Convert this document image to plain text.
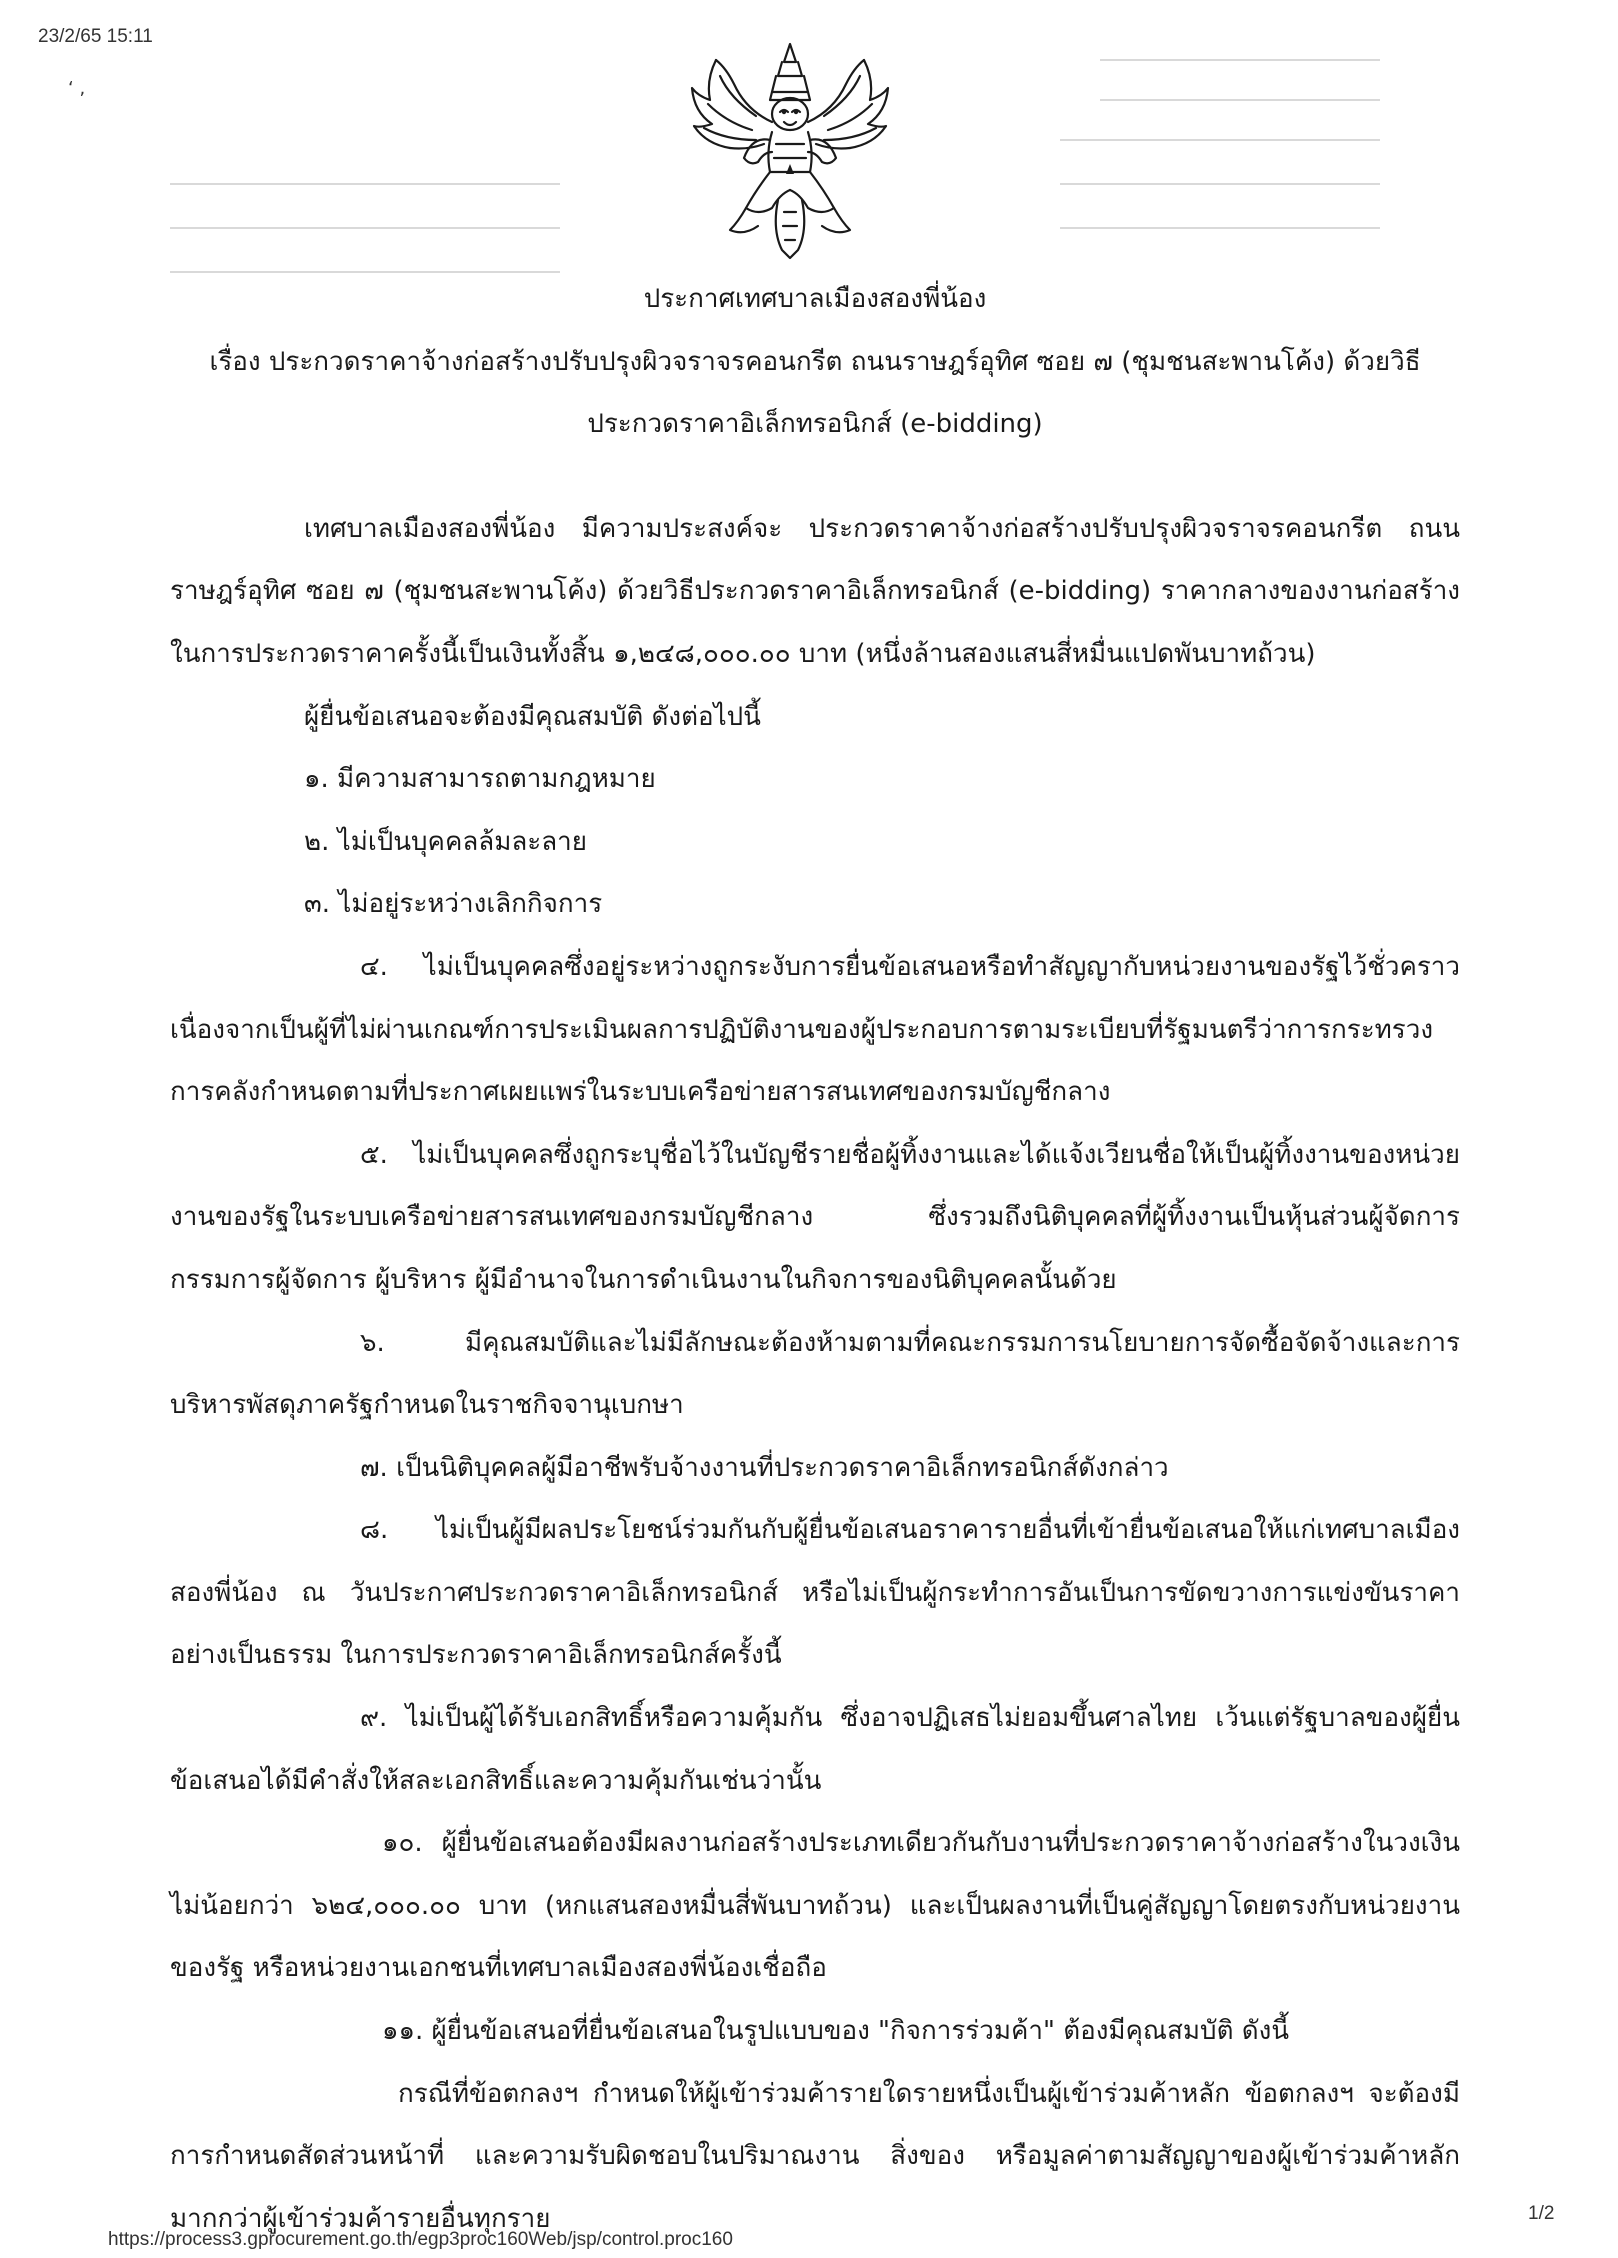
23/2/65 15:11
‘ ,

ประกาศเทศบาลเมืองสองพี่น้อง

เรื่อง ประกวดราคาจ้างก่อสร้างปรับปรุงผิวจราจรคอนกรีต ถนนราษฎร์อุทิศ ซอย ๗ (ชุมชนสะพานโค้ง) ด้วยวิธี

ประกวดราคาอิเล็กทรอนิกส์ (e-bidding)

เทศบาลเมืองสองพี่น้อง มีความประสงค์จะ ประกวดราคาจ้างก่อสร้างปรับปรุงผิวจราจรคอนกรีต ถนนราษฎร์อุทิศ ซอย ๗ (ชุมชนสะพานโค้ง) ด้วยวิธีประกวดราคาอิเล็กทรอนิกส์ (e-bidding) ราคากลางของงานก่อสร้างในการประกวดราคาครั้งนี้เป็นเงินทั้งสิ้น ๑,๒๔๘,๐๐๐.๐๐ บาท (หนึ่งล้านสองแสนสี่หมื่นแปดพันบาทถ้วน)

ผู้ยื่นข้อเสนอจะต้องมีคุณสมบัติ ดังต่อไปนี้

๑. มีความสามารถตามกฎหมาย

๒. ไม่เป็นบุคคลล้มละลาย

๓. ไม่อยู่ระหว่างเลิกกิจการ

๔. ไม่เป็นบุคคลซึ่งอยู่ระหว่างถูกระงับการยื่นข้อเสนอหรือทำสัญญากับหน่วยงานของรัฐไว้ชั่วคราว เนื่องจากเป็นผู้ที่ไม่ผ่านเกณฑ์การประเมินผลการปฏิบัติงานของผู้ประกอบการตามระเบียบที่รัฐมนตรีว่าการกระทรวงการคลังกำหนดตามที่ประกาศเผยแพร่ในระบบเครือข่ายสารสนเทศของกรมบัญชีกลาง

๕. ไม่เป็นบุคคลซึ่งถูกระบุชื่อไว้ในบัญชีรายชื่อผู้ทิ้งงานและได้แจ้งเวียนชื่อให้เป็นผู้ทิ้งงานของหน่วยงานของรัฐในระบบเครือข่ายสารสนเทศของกรมบัญชีกลาง ซึ่งรวมถึงนิติบุคคลที่ผู้ทิ้งงานเป็นหุ้นส่วนผู้จัดการ กรรมการผู้จัดการ ผู้บริหาร ผู้มีอำนาจในการดำเนินงานในกิจการของนิติบุคคลนั้นด้วย

๖. มีคุณสมบัติและไม่มีลักษณะต้องห้ามตามที่คณะกรรมการนโยบายการจัดซื้อจัดจ้างและการบริหารพัสดุภาครัฐกำหนดในราชกิจจานุเบกษา

๗. เป็นนิติบุคคลผู้มีอาชีพรับจ้างงานที่ประกวดราคาอิเล็กทรอนิกส์ดังกล่าว

๘. ไม่เป็นผู้มีผลประโยชน์ร่วมกันกับผู้ยื่นข้อเสนอราคารายอื่นที่เข้ายื่นข้อเสนอให้แก่เทศบาลเมืองสองพี่น้อง ณ วันประกาศประกวดราคาอิเล็กทรอนิกส์ หรือไม่เป็นผู้กระทำการอันเป็นการขัดขวางการแข่งขันราคาอย่างเป็นธรรม ในการประกวดราคาอิเล็กทรอนิกส์ครั้งนี้

๙. ไม่เป็นผู้ได้รับเอกสิทธิ์หรือความคุ้มกัน ซึ่งอาจปฏิเสธไม่ยอมขึ้นศาลไทย เว้นแต่รัฐบาลของผู้ยื่นข้อเสนอได้มีคำสั่งให้สละเอกสิทธิ์และความคุ้มกันเช่นว่านั้น

๑๐. ผู้ยื่นข้อเสนอต้องมีผลงานก่อสร้างประเภทเดียวกันกับงานที่ประกวดราคาจ้างก่อสร้างในวงเงินไม่น้อยกว่า ๖๒๔,๐๐๐.๐๐ บาท (หกแสนสองหมื่นสี่พันบาทถ้วน) และเป็นผลงานที่เป็นคู่สัญญาโดยตรงกับหน่วยงานของรัฐ หรือหน่วยงานเอกชนที่เทศบาลเมืองสองพี่น้องเชื่อถือ

๑๑. ผู้ยื่นข้อเสนอที่ยื่นข้อเสนอในรูปแบบของ "กิจการร่วมค้า" ต้องมีคุณสมบัติ ดังนี้

กรณีที่ข้อตกลงฯ กำหนดให้ผู้เข้าร่วมค้ารายใดรายหนึ่งเป็นผู้เข้าร่วมค้าหลัก ข้อตกลงฯ จะต้องมีการกำหนดสัดส่วนหน้าที่ และความรับผิดชอบในปริมาณงาน สิ่งของ หรือมูลค่าตามสัญญาของผู้เข้าร่วมค้าหลักมากกว่าผู้เข้าร่วมค้ารายอื่นทุกราย	1/2
https://process3.gprocurement.go.th/egp3proc160Web/jsp/control.proc160
